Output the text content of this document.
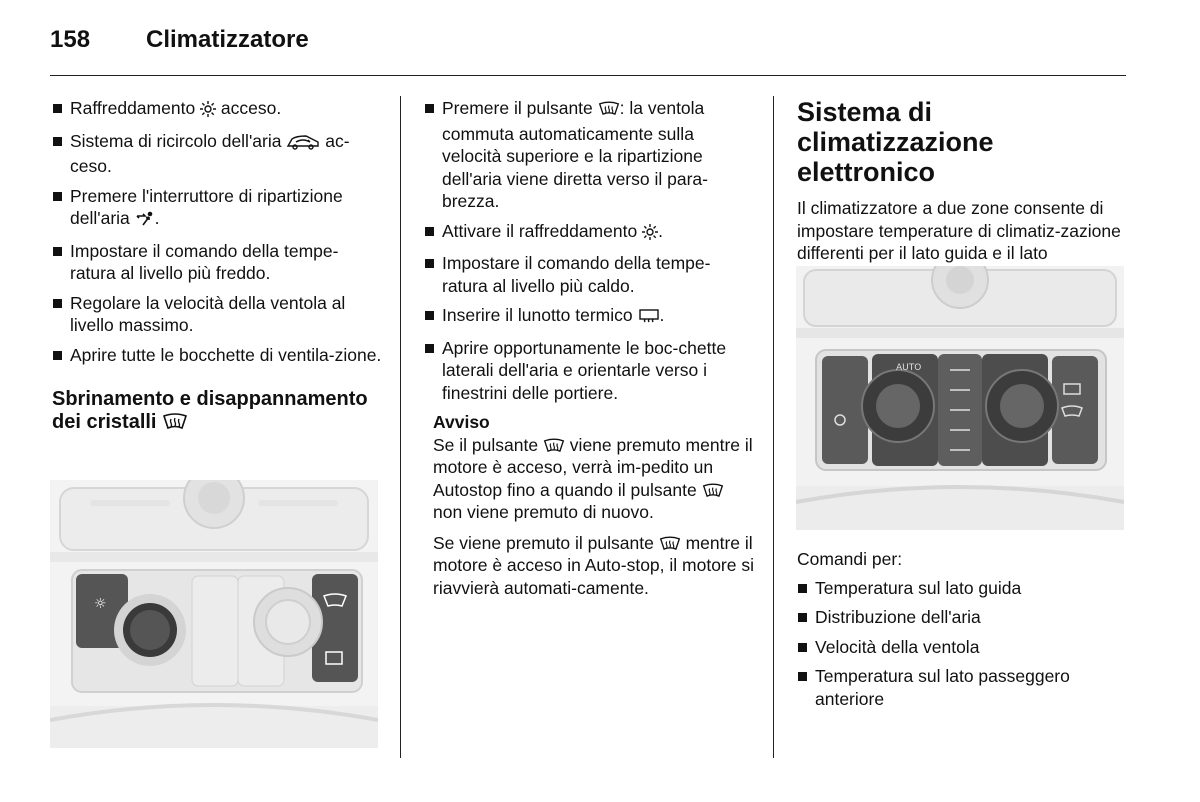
158 Climatizzatore
Raffreddamento  acceso.
Sistema di ricircolo dell'aria  ac-ceso.
Premere l'interruttore di ripartizione dell'aria .
Impostare il comando della tempe-ratura al livello più freddo.
Regolare la velocità della ventola al livello massimo.
Aprire tutte le bocchette di ventila-zione.
Sbrinamento e disappannamento dei cristalli
☼
Premere il pulsante : la ventola commuta automaticamente sulla velocità superiore e la ripartizione dell'aria viene diretta verso il para-brezza.
Attivare il raffreddamento .
Impostare il comando della tempe-ratura al livello più caldo.
Inserire il lunotto termico .
Aprire opportunamente le boc-chette laterali dell'aria e orientarle verso i finestrini delle portiere.
Avviso

Se il pulsante  viene premuto mentre il motore è acceso, verrà im-pedito un Autostop fino a quando il pulsante  non viene premuto di nuovo.

Se viene premuto il pulsante  mentre il motore è acceso in Auto-stop, il motore si riavvierà automati-camente.

Sistema di climatizzazione elettronico

Il climatizzatore a due zone consente di impostare temperature di climatiz-zazione differenti per il lato guida e il lato

AUTO

Comandi per:

Temperatura sul lato guida
Distribuzione dell'aria
Velocità della ventola
Temperatura sul lato passeggero anteriore
